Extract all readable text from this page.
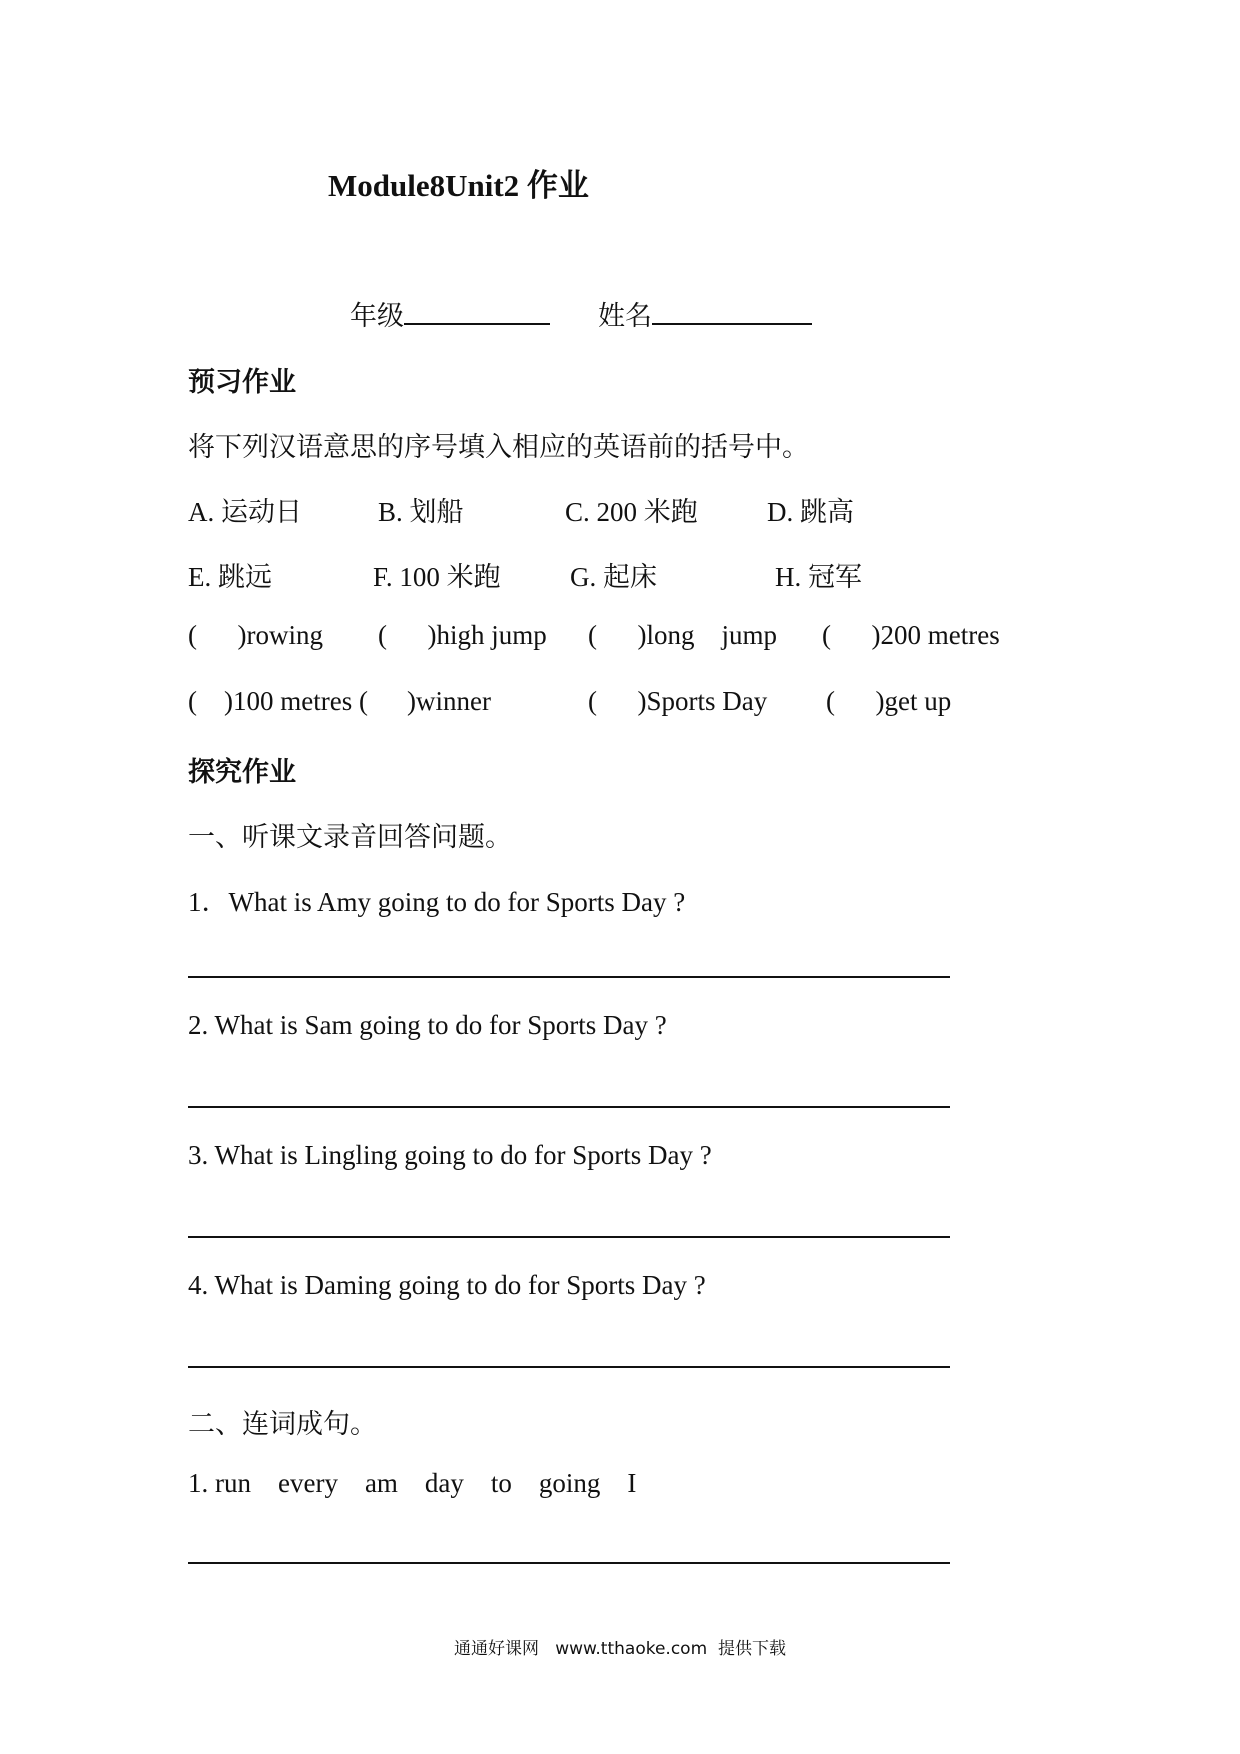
Module8Unit2 作业
年级	姓名
预习作业
将下列汉语意思的序号填入相应的英语前的括号中。
A. 运动日	B. 划船	C. 200 米跑	D. 跳高
E. 跳远	F. 100 米跑	G. 起床	H. 冠军
(      )rowing (      )high jump (      )long    jump (      )200 metres
(    )100 metres ( )winner	(      )Sports Day (      )get up
探究作业
一、听课文录音回答问题。
1．What is Amy going to do for Sports Day ?
2. What is Sam going to do for Sports Day ?
3. What is Lingling going to do for Sports Day ?
4. What is Daming going to do for Sports Day ?
二、连词成句。
1. run    every    am    day    to    going    I
通通好课网   www.tthaoke.com  提供下载
